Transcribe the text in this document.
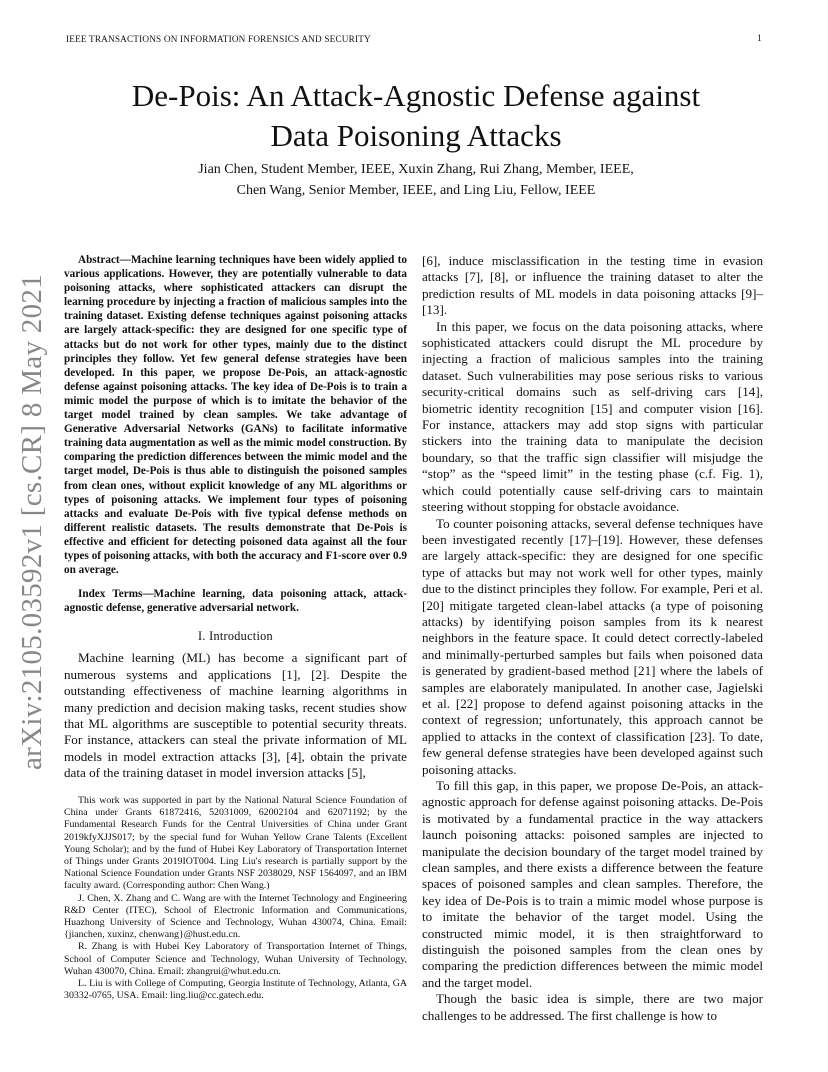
IEEE TRANSACTIONS ON INFORMATION FORENSICS AND SECURITY	1
arXiv:2105.03592v1 [cs.CR] 8 May 2021
De-Pois: An Attack-Agnostic Defense against
Data Poisoning Attacks
Jian Chen, Student Member, IEEE, Xuxin Zhang, Rui Zhang, Member, IEEE,
Chen Wang, Senior Member, IEEE, and Ling Liu, Fellow, IEEE

Abstract—Machine learning techniques have been widely applied to various applications. However, they are potentially vulnerable to data poisoning attacks, where sophisticated attackers can disrupt the learning procedure by injecting a fraction of malicious samples into the training dataset. Existing defense techniques against poisoning attacks are largely attack-specific: they are designed for one specific type of attacks but do not work for other types, mainly due to the distinct principles they follow. Yet few general defense strategies have been developed. In this paper, we propose De-Pois, an attack-agnostic defense against poisoning attacks. The key idea of De-Pois is to train a mimic model the purpose of which is to imitate the behavior of the target model trained by clean samples. We take advantage of Generative Adversarial Networks (GANs) to facilitate informative training data augmentation as well as the mimic model construction. By comparing the prediction differences between the mimic model and the target model, De-Pois is thus able to distinguish the poisoned samples from clean ones, without explicit knowledge of any ML algorithms or types of poisoning attacks. We implement four types of poisoning attacks and evaluate De-Pois with five typical defense methods on different realistic datasets. The results demonstrate that De-Pois is effective and efficient for detecting poisoned data against all the four types of poisoning attacks, with both the accuracy and F1-score over 0.9 on average.

Index Terms—Machine learning, data poisoning attack, attack-agnostic defense, generative adversarial network.

I. Introduction

Machine learning (ML) has become a significant part of numerous systems and applications [1], [2]. Despite the outstanding effectiveness of machine learning algorithms in many prediction and decision making tasks, recent studies show that ML algorithms are susceptible to potential security threats. For instance, attackers can steal the private information of ML models in model extraction attacks [3], [4], obtain the private data of the training dataset in model inversion attacks [5],

This work was supported in part by the National Natural Science Foundation of China under Grants 61872416, 52031009, 62002104 and 62071192; by the Fundamental Research Funds for the Central Universities of China under Grant 2019kfyXJJS017; by the special fund for Wuhan Yellow Crane Talents (Excellent Young Scholar); and by the fund of Hubei Key Laboratory of Transportation Internet of Things under Grants 2019IOT004. Ling Liu's research is partially support by the National Science Foundation under Grants NSF 2038029, NSF 1564097, and an IBM faculty award. (Corresponding author: Chen Wang.)

J. Chen, X. Zhang and C. Wang are with the Internet Technology and Engineering R&D Center (ITEC), School of Electronic Information and Communications, Huazhong University of Science and Technology, Wuhan 430074, China. Email: {jianchen, xuxinz, chenwang}@hust.edu.cn.

R. Zhang is with Hubei Key Laboratory of Transportation Internet of Things, School of Computer Science and Technology, Wuhan University of Technology, Wuhan 430070, China. Email: zhangrui@whut.edu.cn.

L. Liu is with College of Computing, Georgia Institute of Technology, Atlanta, GA 30332-0765, USA. Email: ling.liu@cc.gatech.edu.

[6], induce misclassification in the testing time in evasion attacks [7], [8], or influence the training dataset to alter the prediction results of ML models in data poisoning attacks [9]–[13].

In this paper, we focus on the data poisoning attacks, where sophisticated attackers could disrupt the ML procedure by injecting a fraction of malicious samples into the training dataset. Such vulnerabilities may pose serious risks to various security-critical domains such as self-driving cars [14], biometric identity recognition [15] and computer vision [16]. For instance, attackers may add stop signs with particular stickers into the training data to manipulate the decision boundary, so that the traffic sign classifier will misjudge the “stop” as the “speed limit” in the testing phase (c.f. Fig. 1), which could potentially cause self-driving cars to maintain steering without stopping for obstacle avoidance.

To counter poisoning attacks, several defense techniques have been investigated recently [17]–[19]. However, these defenses are largely attack-specific: they are designed for one specific type of attacks but may not work well for other types, mainly due to the distinct principles they follow. For example, Peri et al. [20] mitigate targeted clean-label attacks (a type of poisoning attacks) by identifying poison samples from its k nearest neighbors in the feature space. It could detect correctly-labeled and minimally-perturbed samples but fails when poisoned data is generated by gradient-based method [21] where the labels of samples are elaborately manipulated. In another case, Jagielski et al. [22] propose to defend against poisoning attacks in the context of regression; unfortunately, this approach cannot be applied to attacks in the context of classification [23]. To date, few general defense strategies have been developed against such poisoning attacks.

To fill this gap, in this paper, we propose De-Pois, an attack-agnostic approach for defense against poisoning attacks. De-Pois is motivated by a fundamental practice in the way attackers launch poisoning attacks: poisoned samples are injected to manipulate the decision boundary of the target model trained by clean samples, and there exists a difference between the feature spaces of poisoned samples and clean samples. Therefore, the key idea of De-Pois is to train a mimic model whose purpose is to imitate the behavior of the target model. Using the constructed mimic model, it is then straightforward to distinguish the poisoned samples from the clean ones by comparing the prediction differences between the mimic model and the target model.

Though the basic idea is simple, there are two major challenges to be addressed. The first challenge is how to
